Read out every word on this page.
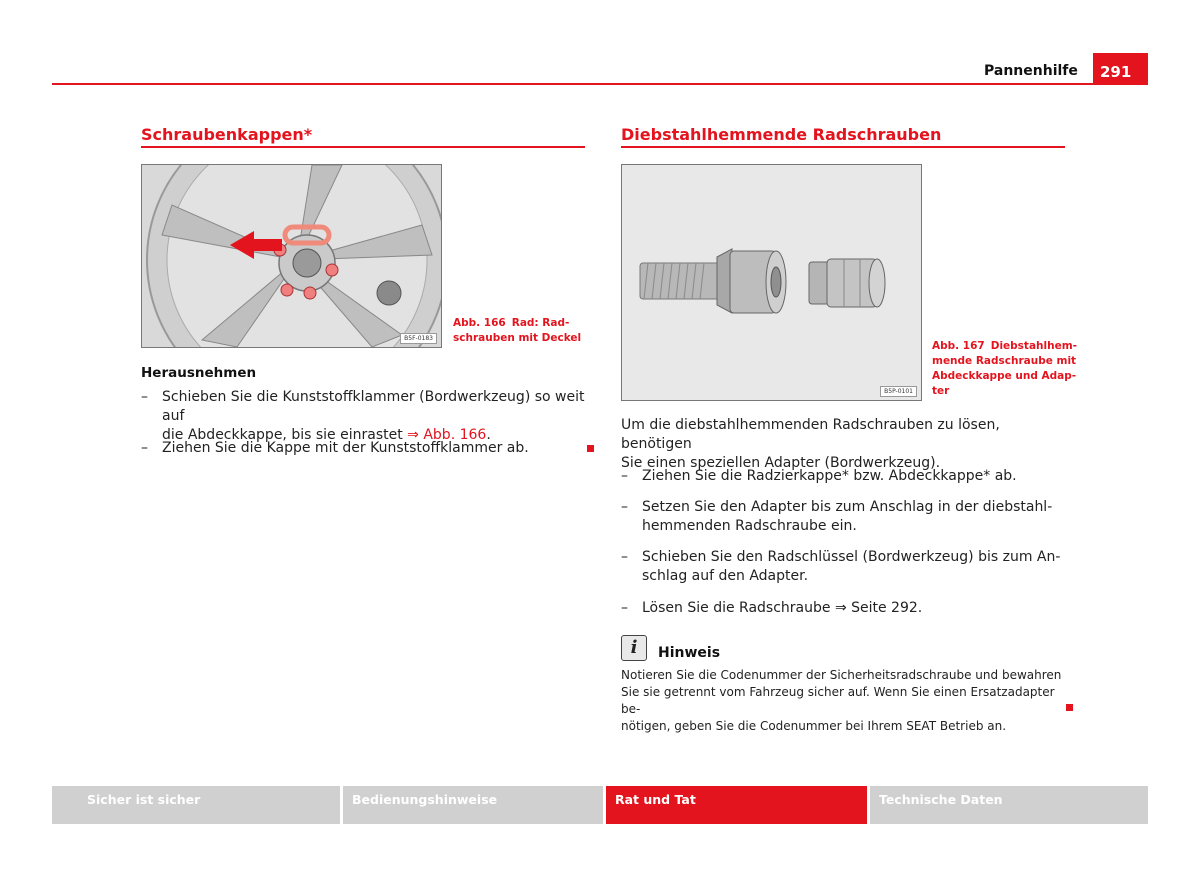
Pannenhilfe	291
Schraubenkappen*
B5F-0183
Abb. 166 Rad: Rad-
schrauben mit Deckel
Herausnehmen
– Schieben Sie die Kunststoffklammer (Bordwerkzeug) so weit auf
die Abdeckkappe, bis sie einrastet ⇒ Abb. 166.
– Ziehen Sie die Kappe mit der Kunststoffklammer ab.
Diebstahlhemmende Radschrauben
B5P-0101
Abb. 167 Diebstahlhem-
mende Radschraube mit
Abdeckkappe und Adap-
ter
Um die diebstahlhemmenden Radschrauben zu lösen, benötigen
Sie einen speziellen Adapter (Bordwerkzeug).
– Ziehen Sie die Radzierkappe* bzw. Abdeckkappe* ab.
– Setzen Sie den Adapter bis zum Anschlag in der diebstahl-
hemmenden Radschraube ein.
– Schieben Sie den Radschlüssel (Bordwerkzeug) bis zum An-
schlag auf den Adapter.
– Lösen Sie die Radschraube ⇒ Seite 292.
i	Hinweis
Notieren Sie die Codenummer der Sicherheitsradschraube und bewahren
Sie sie getrennt vom Fahrzeug sicher auf. Wenn Sie einen Ersatzadapter be-
nötigen, geben Sie die Codenummer bei Ihrem SEAT Betrieb an.
Sicher ist sicher	Bedienungshinweise	Rat und Tat	Technische Daten
